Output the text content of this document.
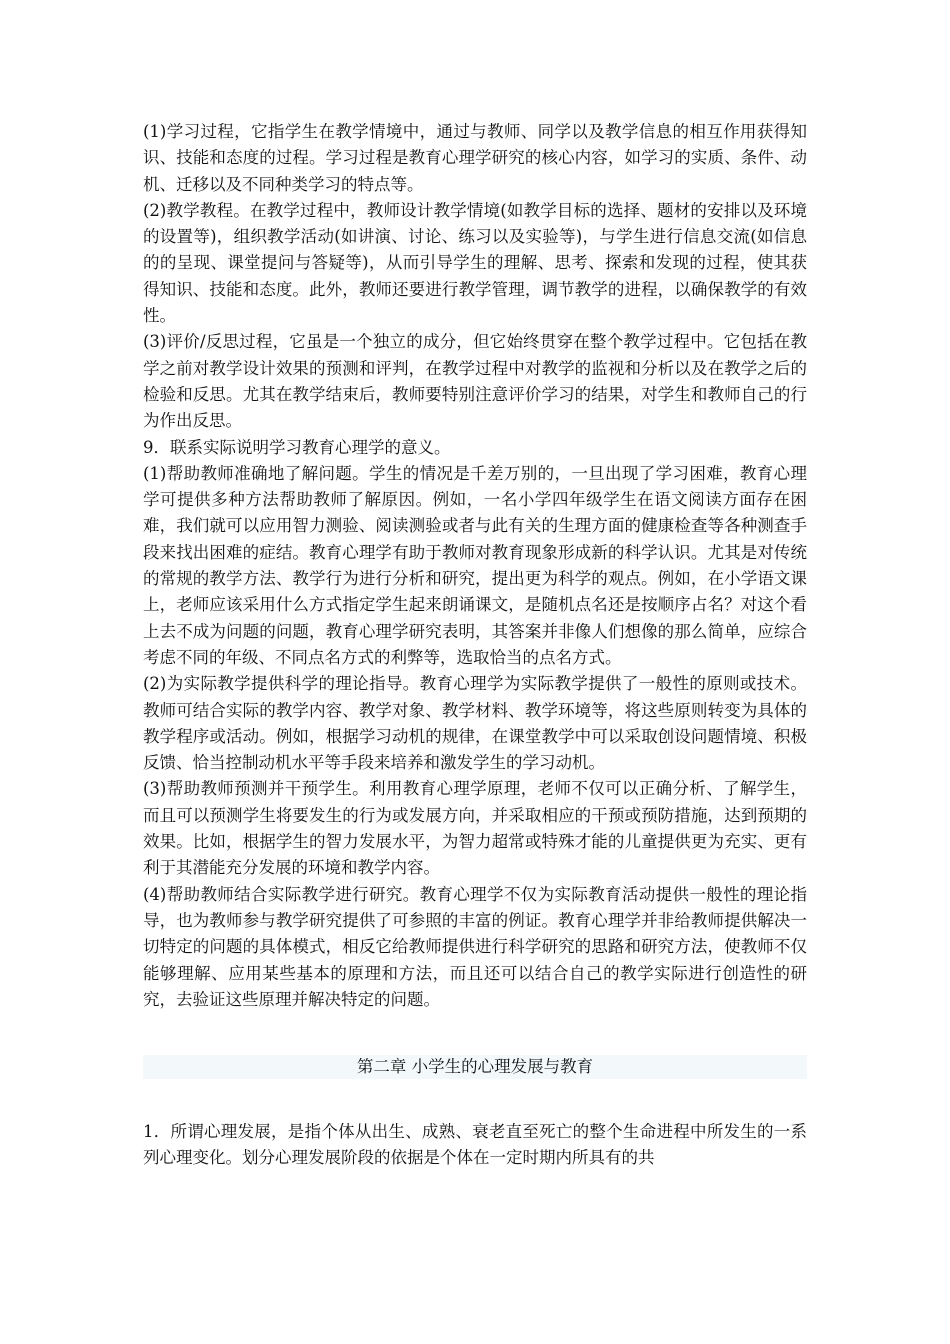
(1)学习过程，它指学生在教学情境中，通过与教师、同学以及教学信息的相互作用获得知识、技能和态度的过程。学习过程是教育心理学研究的核心内容，如学习的实质、条件、动机、迁移以及不同种类学习的特点等。

(2)教学教程。在教学过程中，教师设计教学情境(如教学目标的选择、题材的安排以及环境的设置等)，组织教学活动(如讲演、讨论、练习以及实验等)，与学生进行信息交流(如信息的的呈现、课堂提问与答疑等)，从而引导学生的理解、思考、探索和发现的过程，使其获得知识、技能和态度。此外，教师还要进行教学管理，调节教学的进程，以确保教学的有效性。

(3)评价/反思过程，它虽是一个独立的成分，但它始终贯穿在整个教学过程中。它包括在教学之前对教学设计效果的预测和评判，在教学过程中对教学的监视和分析以及在教学之后的检验和反思。尤其在教学结束后，教师要特别注意评价学习的结果，对学生和教师自己的行为作出反思。

9．联系实际说明学习教育心理学的意义。

(1)帮助教师准确地了解问题。学生的情况是千差万别的，一旦出现了学习困难，教育心理学可提供多种方法帮助教师了解原因。例如，一名小学四年级学生在语文阅读方面存在困难，我们就可以应用智力测验、阅读测验或者与此有关的生理方面的健康检查等各种测查手段来找出困难的症结。教育心理学有助于教师对教育现象形成新的科学认识。尤其是对传统的常规的教学方法、教学行为进行分析和研究，提出更为科学的观点。例如，在小学语文课上，老师应该采用什么方式指定学生起来朗诵课文，是随机点名还是按顺序占名？对这个看上去不成为问题的问题，教育心理学研究表明，其答案并非像人们想像的那么简单，应综合考虑不同的年级、不同点名方式的利弊等，选取恰当的点名方式。

(2)为实际教学提供科学的理论指导。教育心理学为实际教学提供了一般性的原则或技术。教师可结合实际的教学内容、教学对象、教学材料、教学环境等，将这些原则转变为具体的教学程序或活动。例如，根据学习动机的规律，在课堂教学中可以采取创设问题情境、积极反馈、恰当控制动机水平等手段来培养和激发学生的学习动机。

(3)帮助教师预测并干预学生。利用教育心理学原理，老师不仅可以正确分析、了解学生，而且可以预测学生将要发生的行为或发展方向，并采取相应的干预或预防措施，达到预期的效果。比如，根据学生的智力发展水平，为智力超常或特殊才能的儿童提供更为充实、更有利于其潜能充分发展的环境和教学内容。

(4)帮助教师结合实际教学进行研究。教育心理学不仅为实际教育活动提供一般性的理论指导，也为教师参与教学研究提供了可参照的丰富的例证。教育心理学并非给教师提供解决一切特定的问题的具体模式，相反它给教师提供进行科学研究的思路和研究方法，使教师不仅能够理解、应用某些基本的原理和方法，而且还可以结合自己的教学实际进行创造性的研究，去验证这些原理并解决特定的问题。

第二章 小学生的心理发展与教育

1．所谓心理发展，是指个体从出生、成熟、衰老直至死亡的整个生命进程中所发生的一系列心理变化。划分心理发展阶段的依据是个体在一定时期内所具有的共
